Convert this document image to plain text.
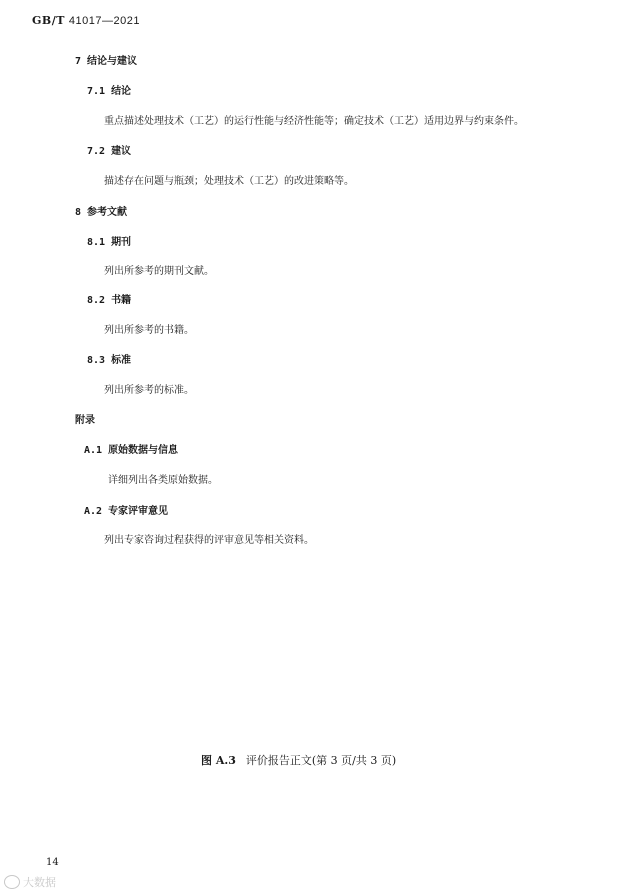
GB/T 41017—2021
7 结论与建议
7.1 结论
重点描述处理技术（工艺）的运行性能与经济性能等；确定技术（工艺）适用边界与约束条件。
7.2 建议
描述存在问题与瓶颈；处理技术（工艺）的改进策略等。
8 参考文献
8.1 期刊
列出所参考的期刊文献。
8.2 书籍
列出所参考的书籍。
8.3 标准
列出所参考的标准。
附录
A.1 原始数据与信息
详细列出各类原始数据。
A.2 专家评审意见
列出专家咨询过程获得的评审意见等相关资料。
图 A.3 评价报告正文(第 3 页/共 3 页)
14
大数据
